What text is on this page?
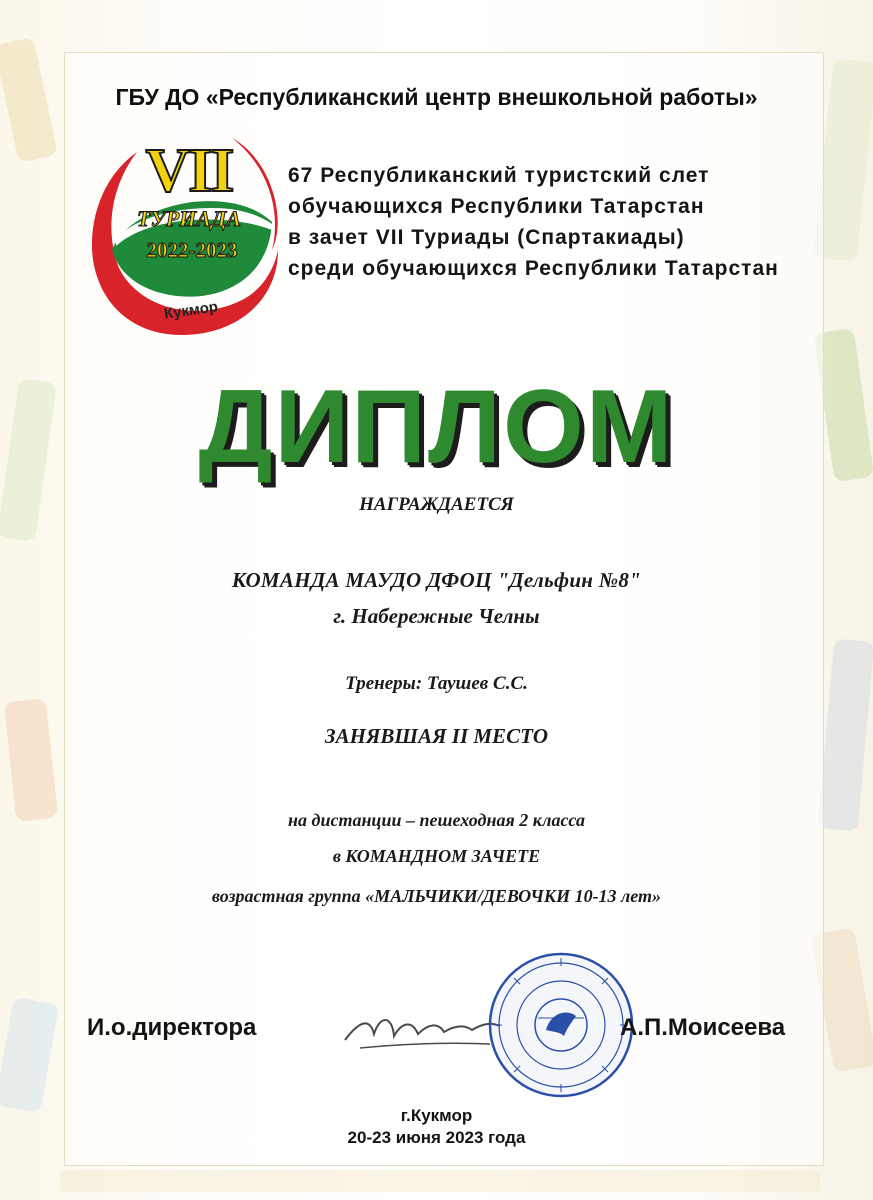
ГБУ ДО «Республиканский центр внешкольной работы»
VII
ТУРИАДА
2022-2023
Кукмор
67 Республиканский туристский слет
обучающихся Республики Татарстан
в зачет VII Туриады (Спартакиады)
среди обучающихся Республики Татарстан
ДИПЛОМ
НАГРАЖДАЕТСЯ
КОМАНДА МАУДО ДФОЦ "Дельфин №8"
г. Набережные Челны
Тренеры: Таушев С.С.
ЗАНЯВШАЯ II МЕСТО
на дистанции – пешеходная 2 класса
в КОМАНДНОМ ЗАЧЕТЕ
возрастная группа «МАЛЬЧИКИ/ДЕВОЧКИ 10-13 лет»
И.о.директора	А.П.Моисеева
г.Кукмор
20-23 июня 2023 года
